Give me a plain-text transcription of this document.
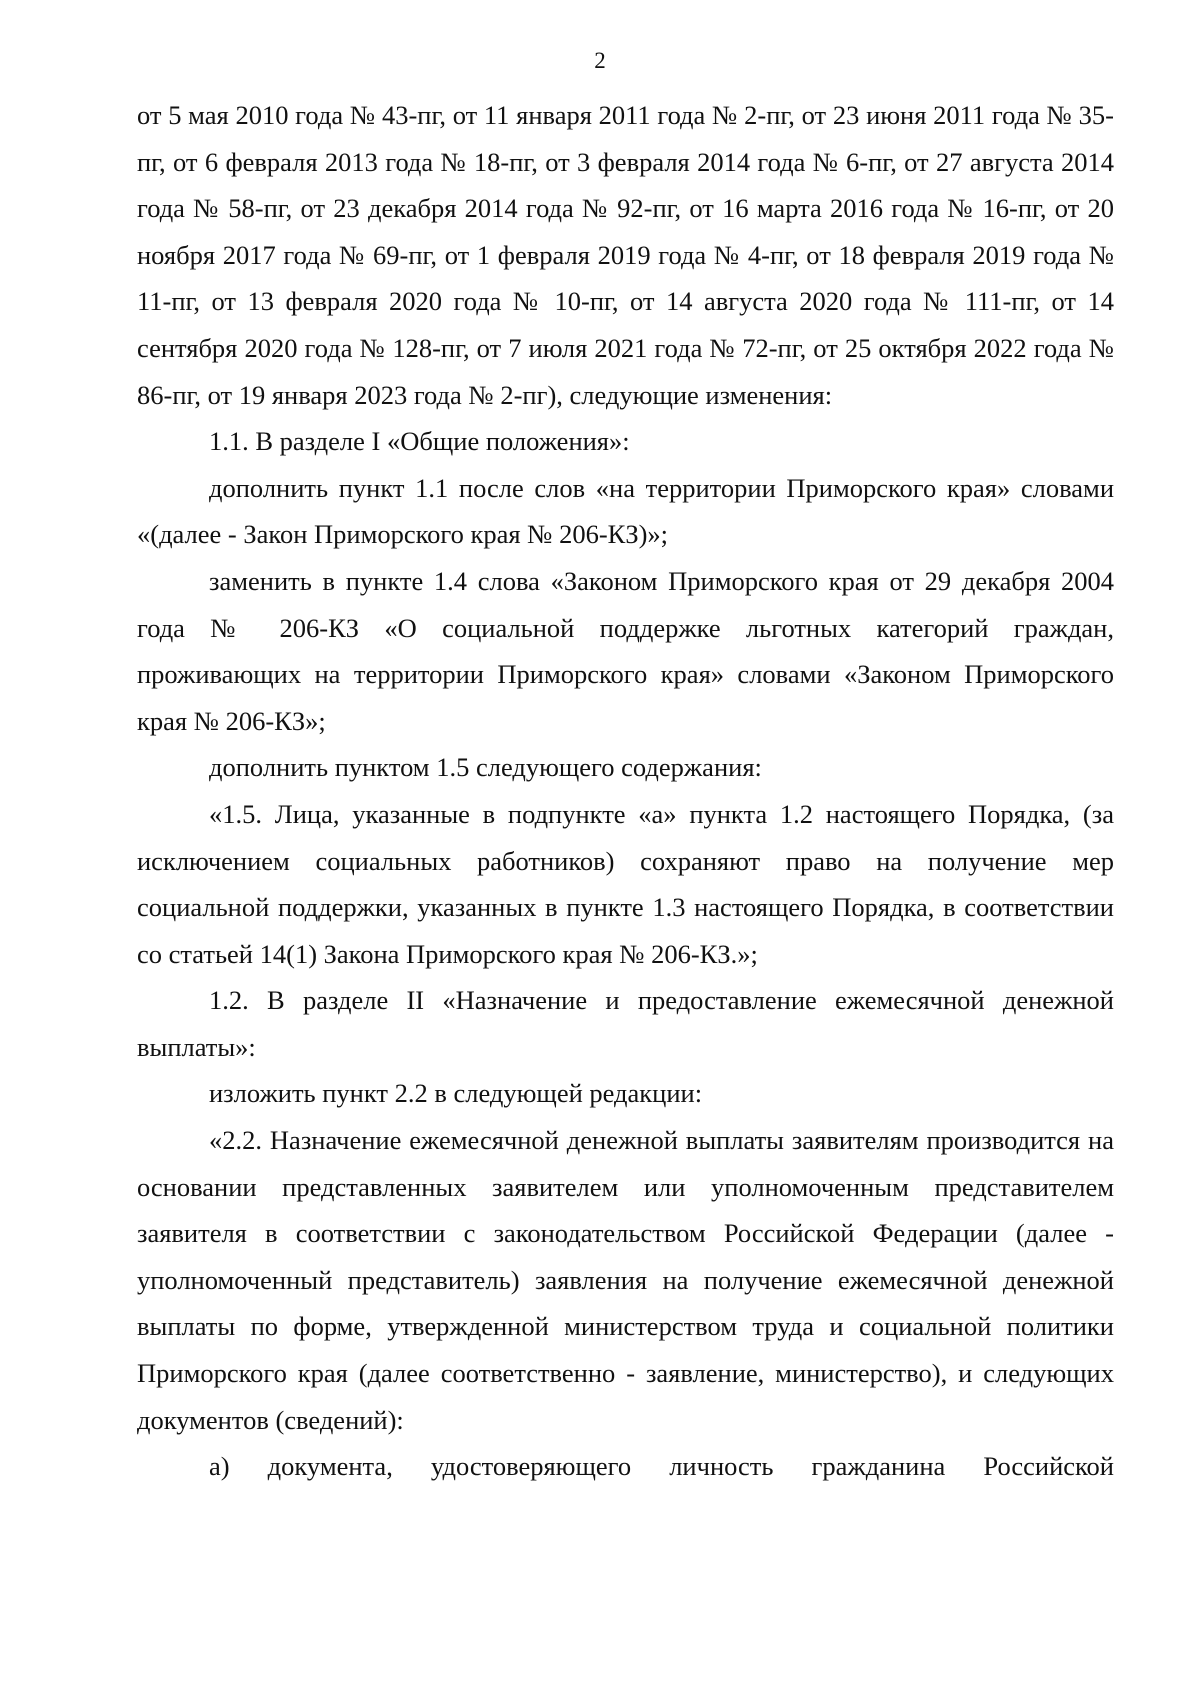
2

от 5 мая 2010 года № 43-пг, от 11 января 2011 года № 2-пг, от 23 июня 2011 года № 35-пг, от 6 февраля 2013 года № 18-пг, от 3 февраля 2014 года № 6-пг, от 27 августа 2014 года № 58-пг, от 23 декабря 2014 года № 92-пг, от 16 марта 2016 года № 16-пг, от 20 ноября 2017 года № 69-пг, от 1 февраля 2019 года № 4-пг, от 18 февраля 2019 года № 11-пг, от 13 февраля 2020 года № 10-пг, от 14 августа 2020 года № 111-пг, от 14 сентября 2020 года № 128-пг, от 7 июля 2021 года № 72-пг, от 25 октября 2022 года № 86-пг, от 19 января 2023 года № 2-пг), следующие изменения:

1.1. В разделе I «Общие положения»:

дополнить пункт 1.1 после слов «на территории Приморского края» словами «(далее - Закон Приморского края № 206-КЗ)»;

заменить в пункте 1.4 слова «Законом Приморского края от 29 декабря 2004 года № 206-КЗ «О социальной поддержке льготных категорий граждан, проживающих на территории Приморского края» словами «Законом Приморского края № 206-КЗ»;

дополнить пунктом 1.5 следующего содержания:

«1.5. Лица, указанные в подпункте «а» пункта 1.2 настоящего Порядка, (за исключением социальных работников) сохраняют право на получение мер социальной поддержки, указанных в пункте 1.3 настоящего Порядка, в соответствии со статьей 14(1) Закона Приморского края № 206-КЗ.»;

1.2. В разделе II «Назначение и предоставление ежемесячной денежной выплаты»:

изложить пункт 2.2 в следующей редакции:

«2.2. Назначение ежемесячной денежной выплаты заявителям производится на основании представленных заявителем или уполномоченным представителем заявителя в соответствии с законодательством Российской Федерации (далее - уполномоченный представитель) заявления на получение ежемесячной денежной выплаты по форме, утвержденной министерством труда и социальной политики Приморского края (далее соответственно - заявление, министерство), и следующих документов (сведений):

а) документа, удостоверяющего личность гражданина Российской
